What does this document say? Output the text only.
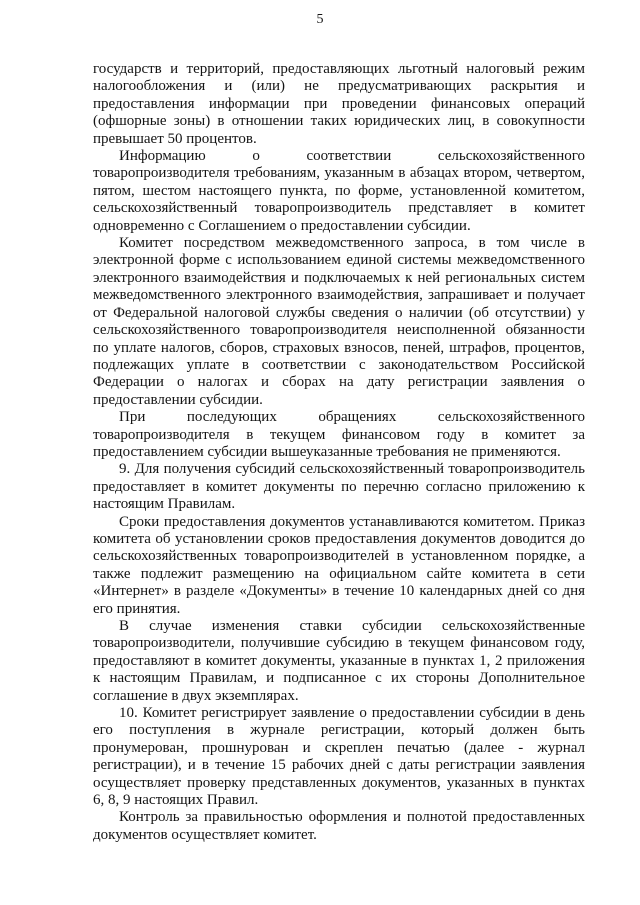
5

государств и территорий, предоставляющих льготный налоговый режим налогообложения и (или) не предусматривающих раскрытия и предоставления информации при проведении финансовых операций (офшорные зоны) в отношении таких юридических лиц, в совокупности превышает 50 процентов.

Информацию о соответствии сельскохозяйственного товаропроизводителя требованиям, указанным в абзацах втором, четвертом, пятом, шестом настоящего пункта, по форме, установленной комитетом, сельскохозяйственный товаропроизводитель представляет в комитет одновременно с Соглашением о предоставлении субсидии.

Комитет посредством межведомственного запроса, в том числе в электронной форме с использованием единой системы межведомственного электронного взаимодействия и подключаемых к ней региональных систем межведомственного электронного взаимодействия, запрашивает и получает от Федеральной налоговой службы сведения о наличии (об отсутствии) у сельскохозяйственного товаропроизводителя неисполненной обязанности по уплате налогов, сборов, страховых взносов, пеней, штрафов, процентов, подлежащих уплате в соответствии с законодательством Российской Федерации о налогах и сборах на дату регистрации заявления о предоставлении субсидии.

При последующих обращениях сельскохозяйственного товаропроизводителя в текущем финансовом году в комитет за предоставлением субсидии вышеуказанные требования не применяются.

9. Для получения субсидий сельскохозяйственный товаропроизводитель предоставляет в комитет документы по перечню согласно приложению к настоящим Правилам.

Сроки предоставления документов устанавливаются комитетом. Приказ комитета об установлении сроков предоставления документов доводится до сельскохозяйственных товаропроизводителей в установленном порядке, а также подлежит размещению на официальном сайте комитета в сети «Интернет» в разделе «Документы» в течение 10 календарных дней со дня его принятия.

В случае изменения ставки субсидии сельскохозяйственные товаропроизводители, получившие субсидию в текущем финансовом году, предоставляют в комитет документы, указанные в пунктах 1, 2 приложения к настоящим Правилам, и подписанное с их стороны Дополнительное соглашение в двух экземплярах.

10. Комитет регистрирует заявление о предоставлении субсидии в день его поступления в журнале регистрации, который должен быть пронумерован, прошнурован и скреплен печатью (далее - журнал регистрации), и в течение 15 рабочих дней с даты регистрации заявления осуществляет проверку представленных документов, указанных в пунктах 6, 8, 9 настоящих Правил.

Контроль за правильностью оформления и полнотой предоставленных документов осуществляет комитет.
